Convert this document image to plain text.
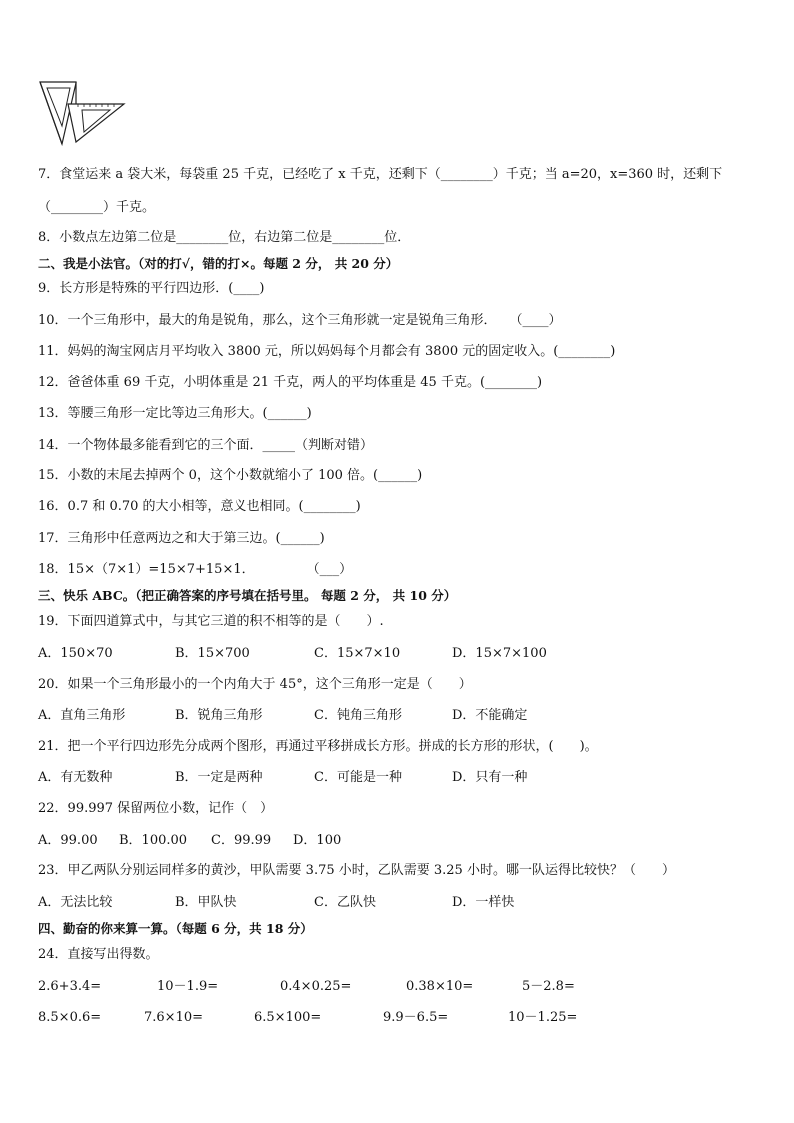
7．食堂运来 a 袋大米，每袋重 25 千克，已经吃了 x 千克，还剩下（________）千克；当 a=20，x=360 时，还剩下
（________）千克。
8．小数点左边第二位是________位，右边第二位是________位．
二、我是小法官。（对的打√，错的打×。每题 2 分， 共 20 分）
9．长方形是特殊的平行四边形．(____)
10．一个三角形中，最大的角是锐角，那么，这个三角形就一定是锐角三角形．　　（____）
11．妈妈的淘宝网店月平均收入 3800 元，所以妈妈每个月都会有 3800 元的固定收入。(________)
12．爸爸体重 69 千克，小明体重是 21 千克，两人的平均体重是 45 千克。(________)
13．等腰三角形一定比等边三角形大。(______)
14．一个物体最多能看到它的三个面．_____（判断对错）
15．小数的末尾去掉两个 0，这个小数就缩小了 100 倍。(______)
16．0.7 和 0.70 的大小相等，意义也相同。(________)
17．三角形中任意两边之和大于第三边。(______)
18．15×（7×1）=15×7+15×1．　　　　　（___）
三、快乐 ABC。（把正确答案的序号填在括号里。 每题 2 分， 共 10 分）
19．下面四道算式中，与其它三道的积不相等的是（　　）.
A．150×70	B．15×700	C．15×7×10	D．15×7×100
20．如果一个三角形最小的一个内角大于 45°，这个三角形一定是（　　）
A．直角三角形	B．锐角三角形	C．钝角三角形	D．不能确定
21．把一个平行四边形先分成两个图形，再通过平移拼成长方形。拼成的长方形的形状，(　　)。
A．有无数种	B．一定是两种	C．可能是一种	D．只有一种
22．99.997 保留两位小数，记作（　）
A．99.00 B．100.00 C．99.99 D．100
23．甲乙两队分别运同样多的黄沙，甲队需要 3.75 小时，乙队需要 3.25 小时。哪一队运得比较快？（　　）
A．无法比较	B．甲队快	C．乙队快	D．一样快
四、勤奋的你来算一算。（每题 6 分，共 18 分）
24．直接写出得数。
2.6+3.4=	10－1.9=	0.4×0.25=	0.38×10=	5－2.8=
8.5×0.6=	7.6×10=	6.5×100=	9.9－6.5=	10－1.25=
